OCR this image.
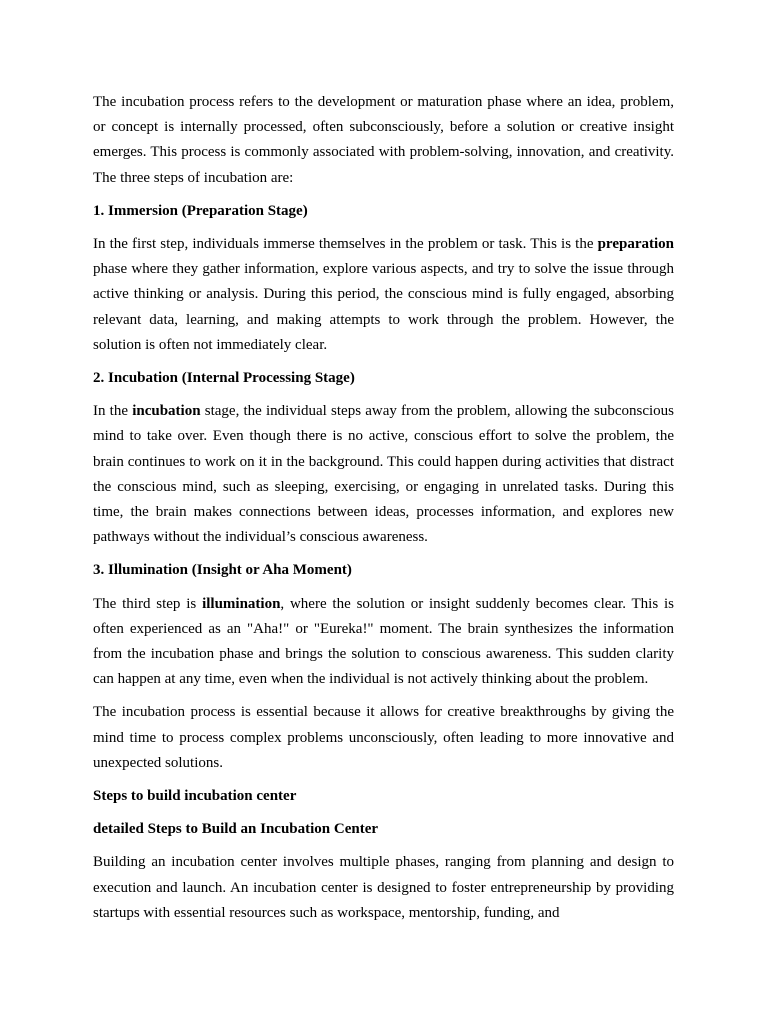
The incubation process refers to the development or maturation phase where an idea, problem, or concept is internally processed, often subconsciously, before a solution or creative insight emerges. This process is commonly associated with problem-solving, innovation, and creativity. The three steps of incubation are:

1. Immersion (Preparation Stage)

In the first step, individuals immerse themselves in the problem or task. This is the preparation phase where they gather information, explore various aspects, and try to solve the issue through active thinking or analysis. During this period, the conscious mind is fully engaged, absorbing relevant data, learning, and making attempts to work through the problem. However, the solution is often not immediately clear.

2. Incubation (Internal Processing Stage)

In the incubation stage, the individual steps away from the problem, allowing the subconscious mind to take over. Even though there is no active, conscious effort to solve the problem, the brain continues to work on it in the background. This could happen during activities that distract the conscious mind, such as sleeping, exercising, or engaging in unrelated tasks. During this time, the brain makes connections between ideas, processes information, and explores new pathways without the individual’s conscious awareness.

3. Illumination (Insight or Aha Moment)

The third step is illumination, where the solution or insight suddenly becomes clear. This is often experienced as an "Aha!" or "Eureka!" moment. The brain synthesizes the information from the incubation phase and brings the solution to conscious awareness. This sudden clarity can happen at any time, even when the individual is not actively thinking about the problem.

The incubation process is essential because it allows for creative breakthroughs by giving the mind time to process complex problems unconsciously, often leading to more innovative and unexpected solutions.

Steps to build incubation center

detailed Steps to Build an Incubation Center

Building an incubation center involves multiple phases, ranging from planning and design to execution and launch. An incubation center is designed to foster entrepreneurship by providing startups with essential resources such as workspace, mentorship, funding, and
